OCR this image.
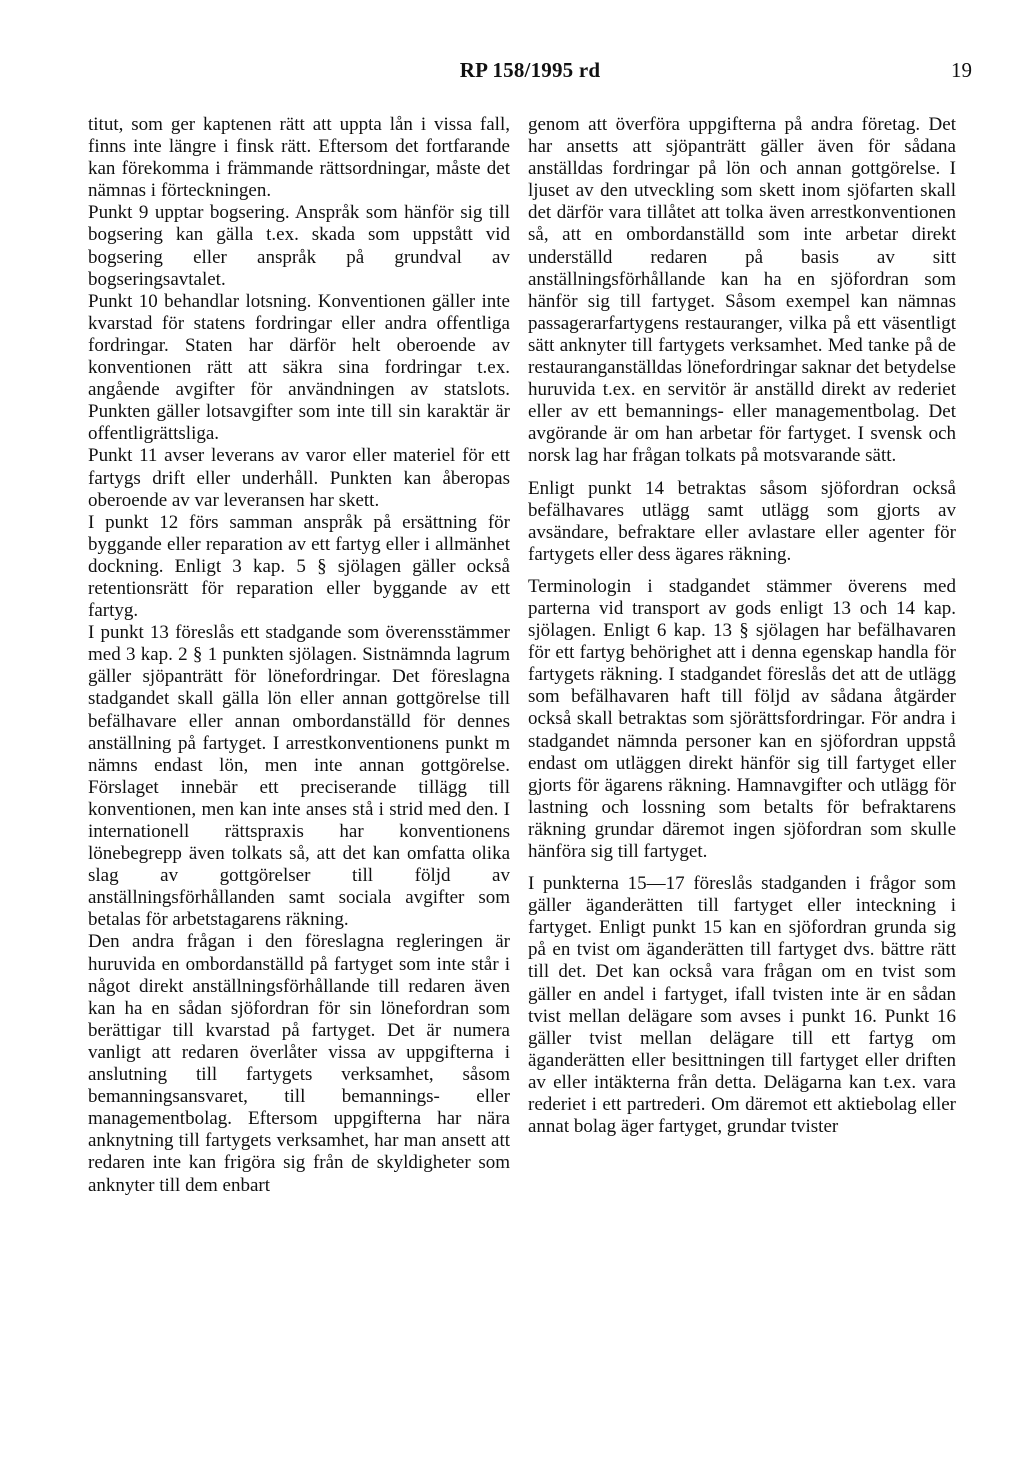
RP 158/1995 rd	19

titut, som ger kaptenen rätt att uppta lån i vissa fall, finns inte längre i finsk rätt. Eftersom det fortfarande kan förekomma i främmande rättsordningar, måste det nämnas i förteckningen.

Punkt 9 upptar bogsering. Anspråk som hänför sig till bogsering kan gälla t.ex. skada som uppstått vid bogsering eller anspråk på grundval av bogseringsavtalet.

Punkt 10 behandlar lotsning. Konventionen gäller inte kvarstad för statens fordringar eller andra offentliga fordringar. Staten har därför helt oberoende av konventionen rätt att säkra sina fordringar t.ex. angående avgifter för användningen av statslots. Punkten gäller lotsavgifter som inte till sin karaktär är offentligrättsliga.

Punkt 11 avser leverans av varor eller materiel för ett fartygs drift eller underhåll. Punkten kan åberopas oberoende av var leveransen har skett.

I punkt 12 förs samman anspråk på ersättning för byggande eller reparation av ett fartyg eller i allmänhet dockning. Enligt 3 kap. 5 § sjölagen gäller också retentionsrätt för reparation eller byggande av ett fartyg.

I punkt 13 föreslås ett stadgande som överensstämmer med 3 kap. 2 § 1 punkten sjölagen. Sistnämnda lagrum gäller sjöpanträtt för lönefordringar. Det föreslagna stadgandet skall gälla lön eller annan gottgörelse till befälhavare eller annan ombordanställd för dennes anställning på fartyget. I arrestkonventionens punkt m nämns endast lön, men inte annan gottgörelse. Förslaget innebär ett preciserande tillägg till konventionen, men kan inte anses stå i strid med den. I internationell rättspraxis har konventionens lönebegrepp även tolkats så, att det kan omfatta olika slag av gottgörelser till följd av anställningsförhållanden samt sociala avgifter som betalas för arbetstagarens räkning.

Den andra frågan i den föreslagna regleringen är huruvida en ombordanställd på fartyget som inte står i något direkt anställningsförhållande till redaren även kan ha en sådan sjöfordran för sin lönefordran som berättigar till kvarstad på fartyget. Det är numera vanligt att redaren överlåter vissa av uppgifterna i anslutning till fartygets verksamhet, såsom bemanningsansvaret, till bemannings- eller managementbolag. Eftersom uppgifterna har nära anknytning till fartygets verksamhet, har man ansett att redaren inte kan frigöra sig från de skyldigheter som anknyter till dem enbart

genom att överföra uppgifterna på andra företag. Det har ansetts att sjöpanträtt gäller även för sådana anställdas fordringar på lön och annan gottgörelse. I ljuset av den utveckling som skett inom sjöfarten skall det därför vara tillåtet att tolka även arrestkonventionen så, att en ombordanställd som inte arbetar direkt underställd redaren på basis av sitt anställningsförhållande kan ha en sjöfordran som hänför sig till fartyget. Såsom exempel kan nämnas passagerarfartygens restauranger, vilka på ett väsentligt sätt anknyter till fartygets verksamhet. Med tanke på de restauranganställdas lönefordringar saknar det betydelse huruvida t.ex. en servitör är anställd direkt av rederiet eller av ett bemannings- eller managementbolag. Det avgörande är om han arbetar för fartyget. I svensk och norsk lag har frågan tolkats på motsvarande sätt.

Enligt punkt 14 betraktas såsom sjöfordran också befälhavares utlägg samt utlägg som gjorts av avsändare, befraktare eller avlastare eller agenter för fartygets eller dess ägares räkning.

Terminologin i stadgandet stämmer överens med parterna vid transport av gods enligt 13 och 14 kap. sjölagen. Enligt 6 kap. 13 § sjölagen har befälhavaren för ett fartyg behörighet att i denna egenskap handla för fartygets räkning. I stadgandet föreslås det att de utlägg som befälhavaren haft till följd av sådana åtgärder också skall betraktas som sjörättsfordringar. För andra i stadgandet nämnda personer kan en sjöfordran uppstå endast om utläggen direkt hänför sig till fartyget eller gjorts för ägarens räkning. Hamnavgifter och utlägg för lastning och lossning som betalts för befraktarens räkning grundar däremot ingen sjöfordran som skulle hänföra sig till fartyget.

I punkterna 15—17 föreslås stadganden i frågor som gäller äganderätten till fartyget eller inteckning i fartyget. Enligt punkt 15 kan en sjöfordran grunda sig på en tvist om äganderätten till fartyget dvs. bättre rätt till det. Det kan också vara frågan om en tvist som gäller en andel i fartyget, ifall tvisten inte är en sådan tvist mellan delägare som avses i punkt 16. Punkt 16 gäller tvist mellan delägare till ett fartyg om äganderätten eller besittningen till fartyget eller driften av eller intäkterna från detta. Delägarna kan t.ex. vara rederiet i ett partrederi. Om däremot ett aktiebolag eller annat bolag äger fartyget, grundar tvister
